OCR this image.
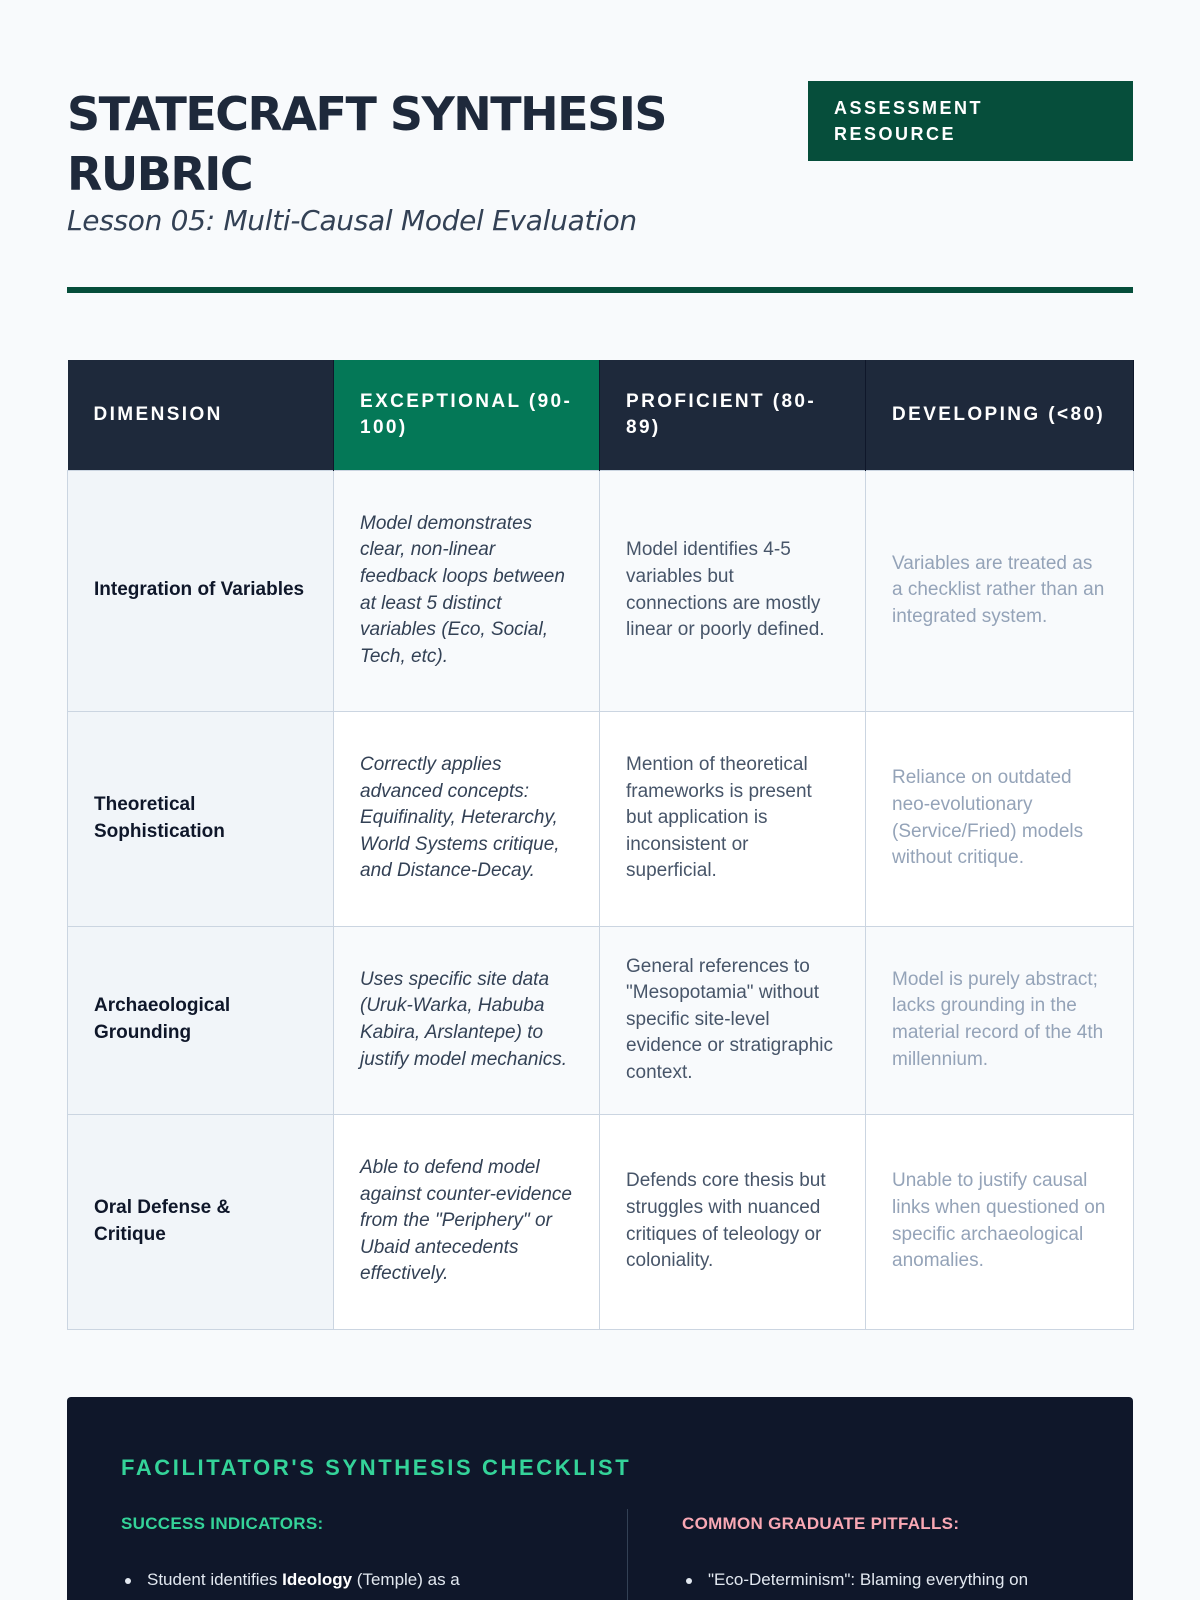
STATECRAFT SYNTHESIS RUBRIC
Lesson 05: Multi-Causal Model Evaluation
ASSESSMENT RESOURCE
DIMENSION	EXCEPTIONAL (90-100)	PROFICIENT (80-89)	DEVELOPING (<80)
Integration of Variables	Model demonstrates clear, non-linear feedback loops between at least 5 distinct variables (Eco, Social, Tech, etc).	Model identifies 4-5 variables but connections are mostly linear or poorly defined.	Variables are treated as a checklist rather than an integrated system.
Theoretical Sophistication	Correctly applies advanced concepts: Equifinality, Heterarchy, World Systems critique, and Distance-Decay.	Mention of theoretical frameworks is present but application is inconsistent or superficial.	Reliance on outdated neo-evolutionary (Service/Fried) models without critique.
Archaeological Grounding	Uses specific site data (Uruk-Warka, Habuba Kabira, Arslantepe) to justify model mechanics.	General references to "Mesopotamia" without specific site-level evidence or stratigraphic context.	Model is purely abstract; lacks grounding in the material record of the 4th millennium.
Oral Defense & Critique	Able to defend model against counter-evidence from the "Periphery" or Ubaid antecedents effectively.	Defends core thesis but struggles with nuanced critiques of teleology or coloniality.	Unable to justify causal links when questioned on specific archaeological anomalies.
FACILITATOR'S SYNTHESIS CHECKLIST
SUCCESS INDICATORS:
Student identifies Ideology (Temple) as a
COMMON GRADUATE PITFALLS:
"Eco-Determinism": Blaming everything on
